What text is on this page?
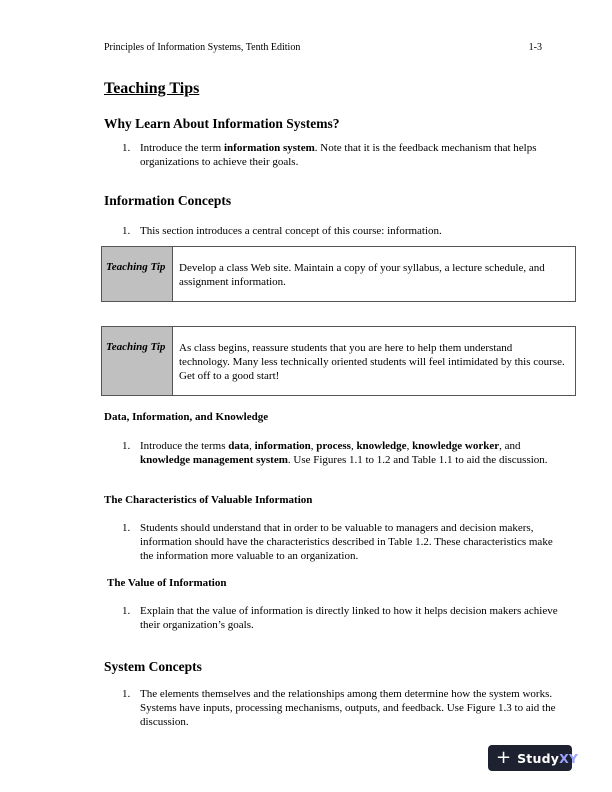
Principles of Information Systems, Tenth Edition	1-3
Teaching Tips
Why Learn About Information Systems?
1. Introduce the term information system. Note that it is the feedback mechanism that helps organizations to achieve their goals.
Information Concepts
1. This section introduces a central concept of this course: information.
Teaching Tip	Develop a class Web site. Maintain a copy of your syllabus, a lecture schedule, and assignment information.
Teaching Tip	As class begins, reassure students that you are here to help them understand technology. Many less technically oriented students will feel intimidated by this course. Get off to a good start!
Data, Information, and Knowledge
1. Introduce the terms data, information, process, knowledge, knowledge worker, and knowledge management system. Use Figures 1.1 to 1.2 and Table 1.1 to aid the discussion.
The Characteristics of Valuable Information
1. Students should understand that in order to be valuable to managers and decision makers, information should have the characteristics described in Table 1.2. These characteristics make the information more valuable to an organization.
The Value of Information
1. Explain that the value of information is directly linked to how it helps decision makers achieve their organization’s goals.
System Concepts
1. The elements themselves and the relationships among them determine how the system works. Systems have inputs, processing mechanisms, outputs, and feedback. Use Figure 1.3 to aid the discussion.
+ StudyXY
